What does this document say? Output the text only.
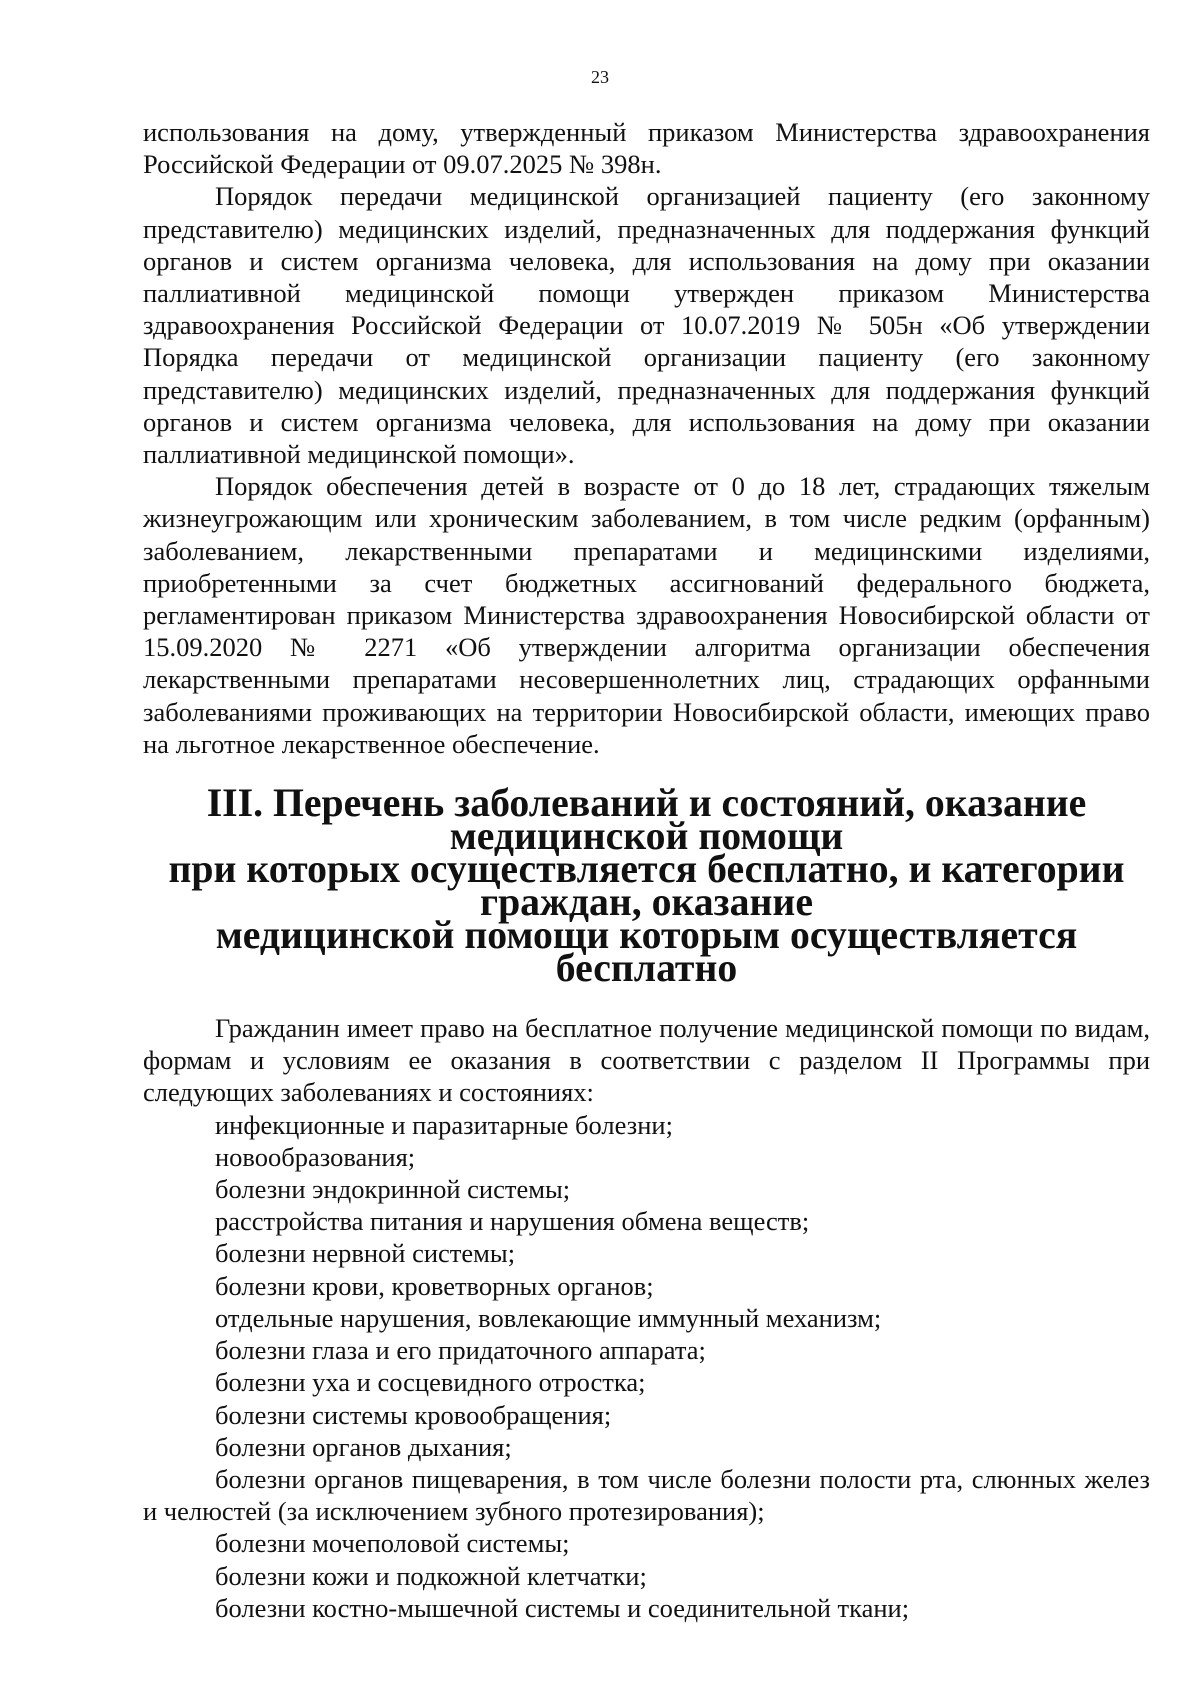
23

использования на дому, утвержденный приказом Министерства здравоохранения Российской Федерации от 09.07.2025 № 398н.

Порядок передачи медицинской организацией пациенту (его законному представителю) медицинских изделий, предназначенных для поддержания функций органов и систем организма человека, для использования на дому при оказании паллиативной медицинской помощи утвержден приказом Министерства здравоохранения Российской Федерации от 10.07.2019 № 505н «Об утверждении Порядка передачи от медицинской организации пациенту (его законному представителю) медицинских изделий, предназначенных для поддержания функций органов и систем организма человека, для использования на дому при оказании паллиативной медицинской помощи».

Порядок обеспечения детей в возрасте от 0 до 18 лет, страдающих тяжелым жизнеугрожающим или хроническим заболеванием, в том числе редким (орфанным) заболеванием, лекарственными препаратами и медицинскими изделиями, приобретенными за счет бюджетных ассигнований федерального бюджета, регламентирован приказом Министерства здравоохранения Новосибирской области от 15.09.2020 № 2271 «Об утверждении алгоритма организации обеспечения лекарственными препаратами несовершеннолетних лиц, страдающих орфанными заболеваниями проживающих на территории Новосибирской области, имеющих право на льготное лекарственное обеспечение.

III. Перечень заболеваний и состояний, оказание медицинской помощи
при которых осуществляется бесплатно, и категории граждан, оказание
медицинской помощи которым осуществляется бесплатно

Гражданин имеет право на бесплатное получение медицинской помощи по видам, формам и условиям ее оказания в соответствии с разделом II Программы при следующих заболеваниях и состояниях:

инфекционные и паразитарные болезни;
новообразования;
болезни эндокринной системы;
расстройства питания и нарушения обмена веществ;
болезни нервной системы;
болезни крови, кроветворных органов;
отдельные нарушения, вовлекающие иммунный механизм;
болезни глаза и его придаточного аппарата;
болезни уха и сосцевидного отростка;
болезни системы кровообращения;
болезни органов дыхания;
болезни органов пищеварения, в том числе болезни полости рта, слюнных желез и челюстей (за исключением зубного протезирования);
болезни мочеполовой системы;
болезни кожи и подкожной клетчатки;
болезни костно-мышечной системы и соединительной ткани;
